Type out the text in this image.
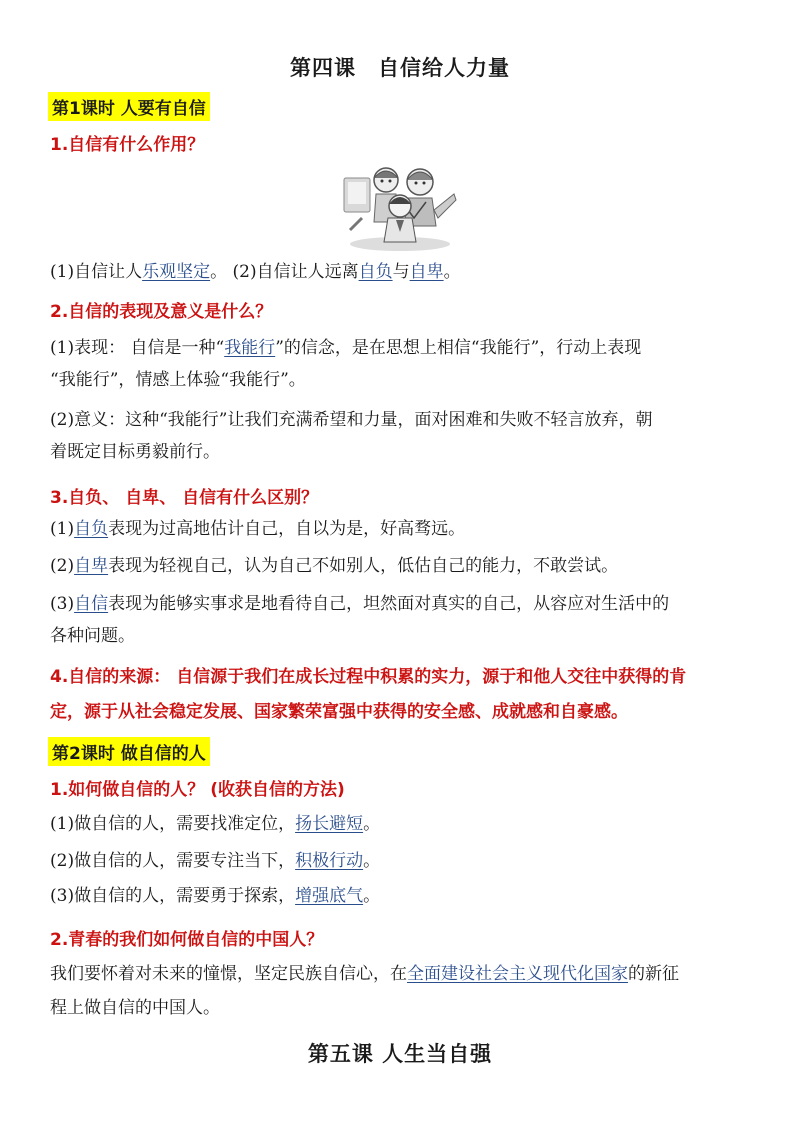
第四课　自信给人力量
第1课时 人要有自信
1.自信有什么作用？
(1)自信让人乐观坚定。 (2)自信让人远离自负与自卑。
2.自信的表现及意义是什么？
(1)表现： 自信是一种“我能行”的信念，是在思想上相信“我能行”，行动上表现
“我能行”，情感上体验“我能行”。
(2)意义：这种“我能行”让我们充满希望和力量，面对困难和失败不轻言放弃，朝
着既定目标勇毅前行。
3.自负、 自卑、 自信有什么区别？
(1)自负表现为过高地估计自己，自以为是，好高骛远。
(2)自卑表现为轻视自己，认为自己不如别人，低估自己的能力，不敢尝试。
(3)自信表现为能够实事求是地看待自己，坦然面对真实的自己，从容应对生活中的
各种问题。
4.自信的来源： 自信源于我们在成长过程中积累的实力，源于和他人交往中获得的肯
定，源于从社会稳定发展、国家繁荣富强中获得的安全感、成就感和自豪感。
第2课时 做自信的人
1.如何做自信的人？ (收获自信的方法)
(1)做自信的人，需要找准定位，扬长避短。
(2)做自信的人，需要专注当下，积极行动。
(3)做自信的人，需要勇于探索，增强底气。
2.青春的我们如何做自信的中国人？
我们要怀着对未来的憧憬，坚定民族自信心，在全面建设社会主义现代化国家的新征
程上做自信的中国人。
第五课 人生当自强
